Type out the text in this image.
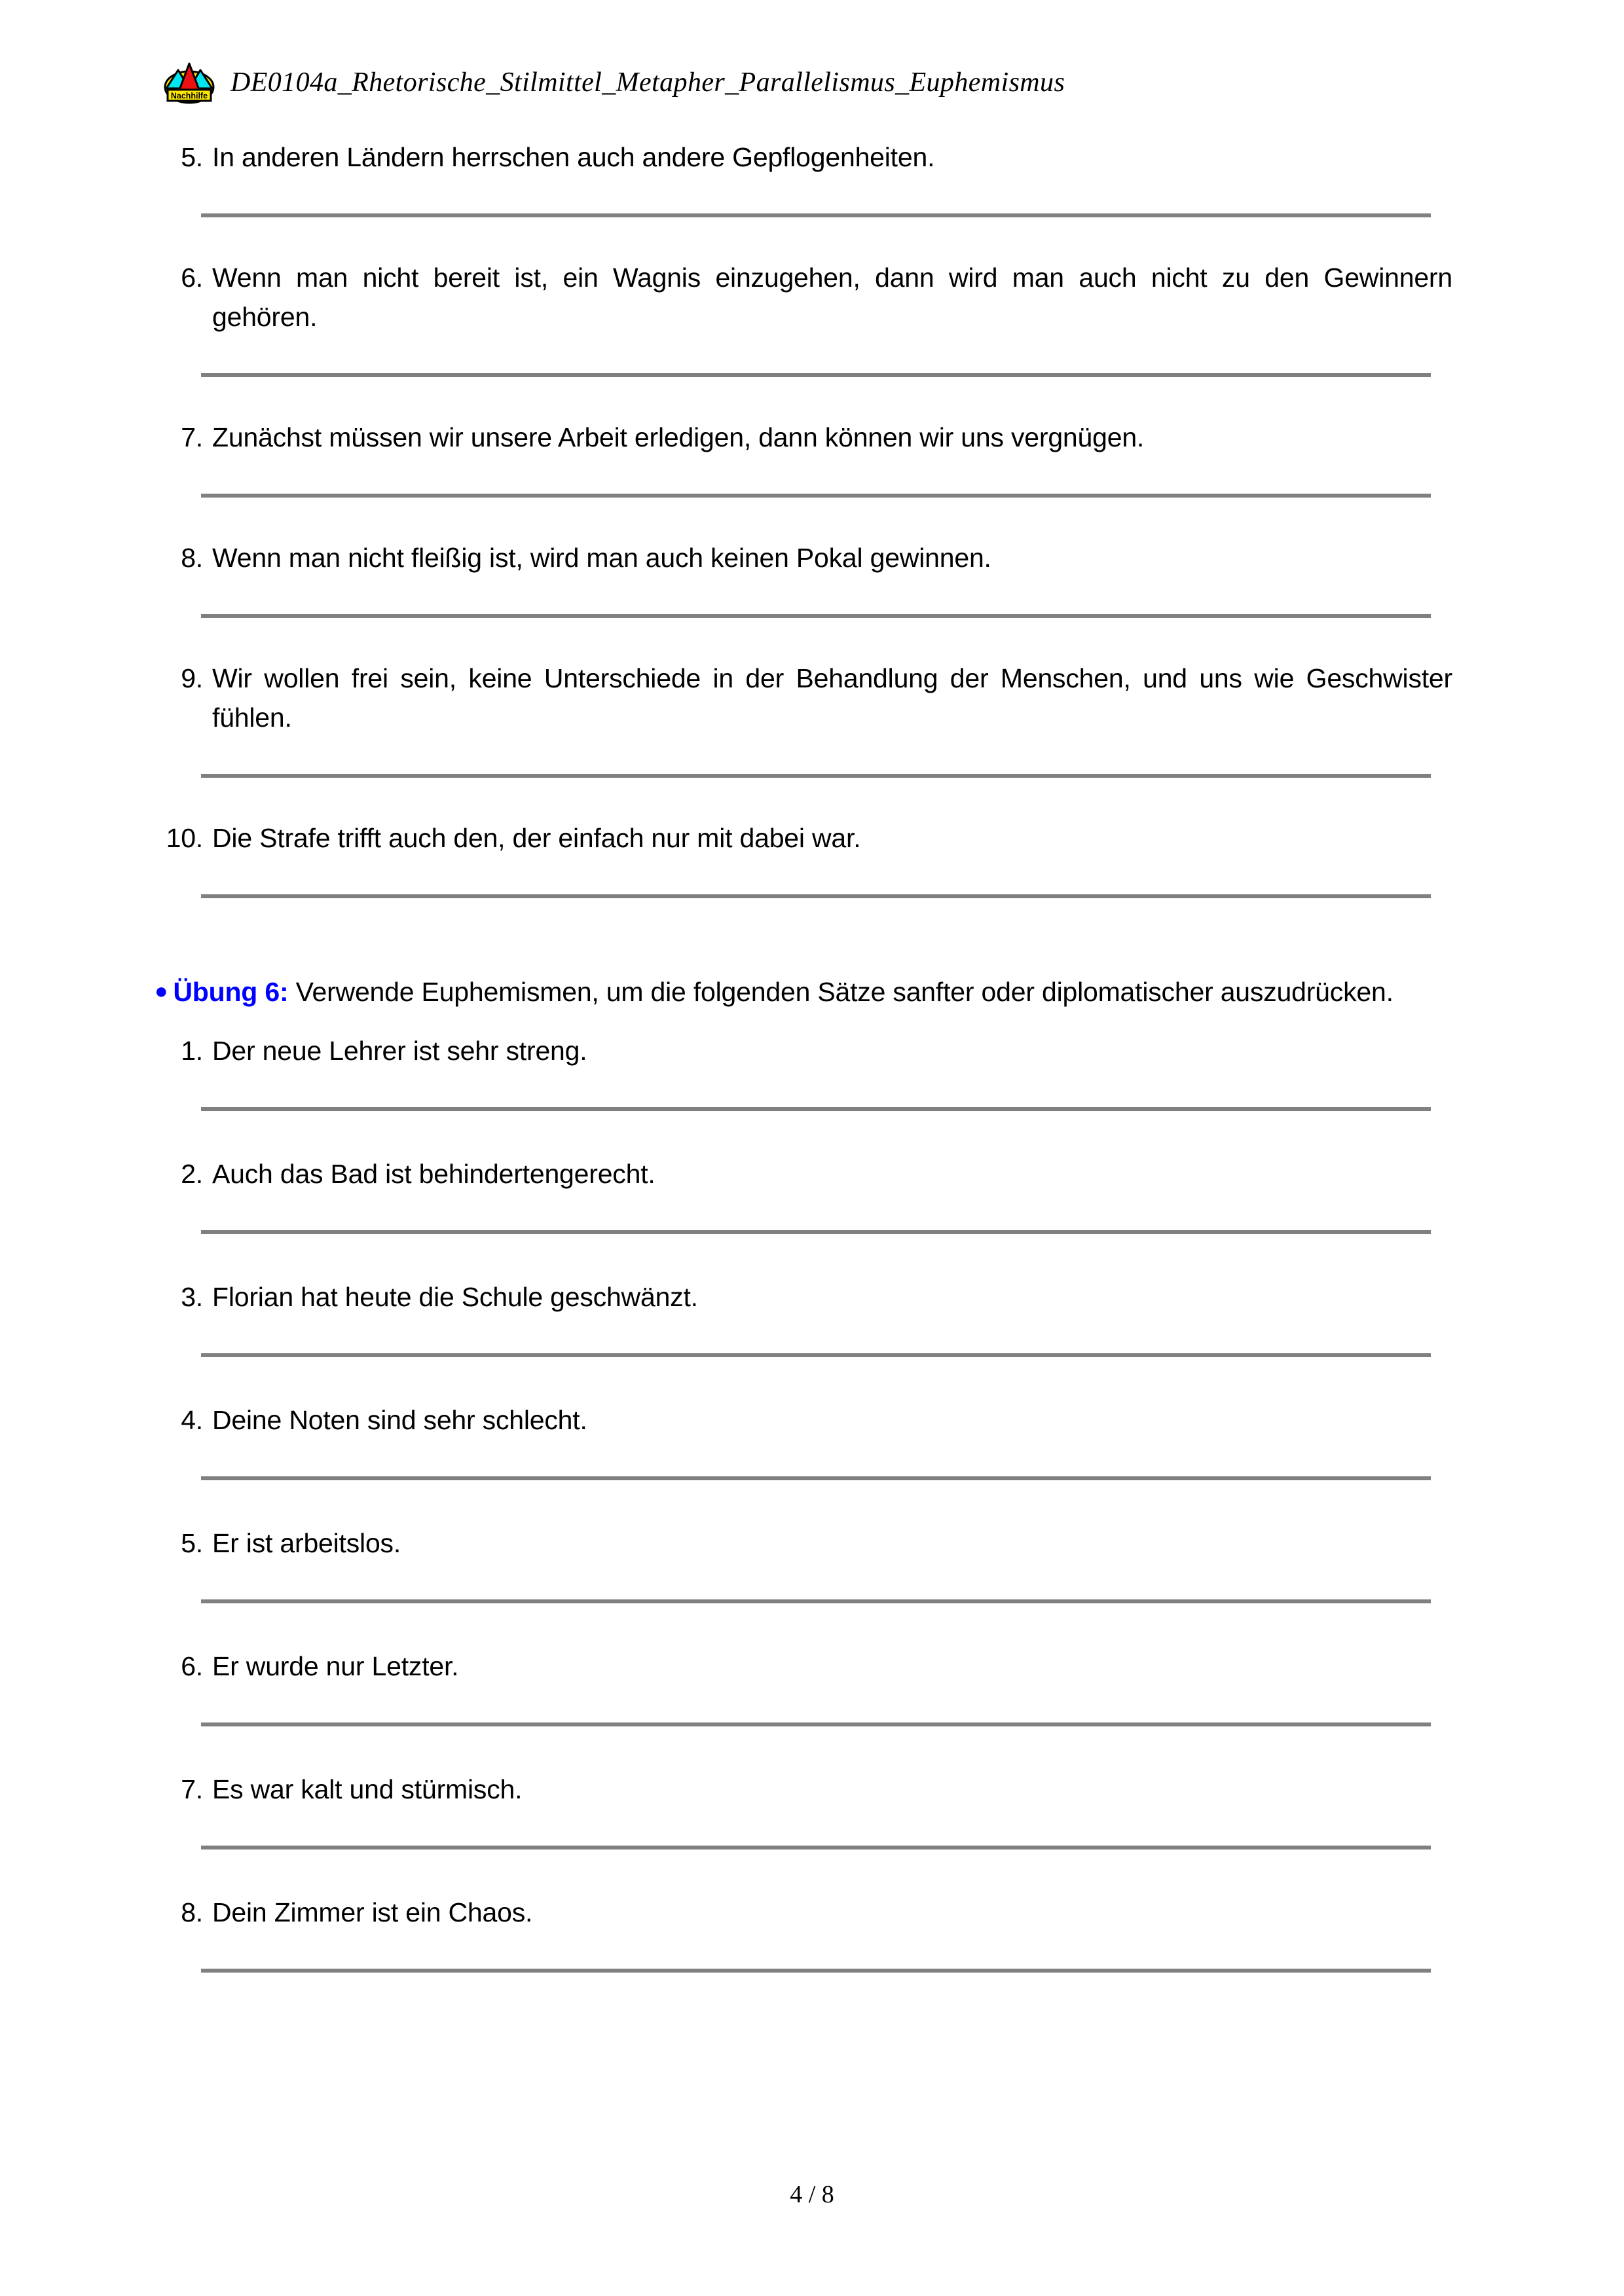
Nachhilfe DE0104a_Rhetorische_Stilmittel_Metapher_Parallelismus_Euphemismus
5. In anderen Ländern herrschen auch andere Gepflogenheiten.
6. Wenn man nicht bereit ist, ein Wagnis einzugehen, dann wird man auch nicht zu den Gewinnern gehören.
7. Zunächst müssen wir unsere Arbeit erledigen, dann können wir uns vergnügen.
8. Wenn man nicht fleißig ist, wird man auch keinen Pokal gewinnen.
9. Wir wollen frei sein, keine Unterschiede in der Behandlung der Menschen, und uns wie Geschwister fühlen.
10. Die Strafe trifft auch den, der einfach nur mit dabei war.
● Übung 6: Verwende Euphemismen, um die folgenden Sätze sanfter oder diplomatischer auszudrücken.
1. Der neue Lehrer ist sehr streng.
2. Auch das Bad ist behindertengerecht.
3. Florian hat heute die Schule geschwänzt.
4. Deine Noten sind sehr schlecht.
5. Er ist arbeitslos.
6. Er wurde nur Letzter.
7. Es war kalt und stürmisch.
8. Dein Zimmer ist ein Chaos.
4 / 8
